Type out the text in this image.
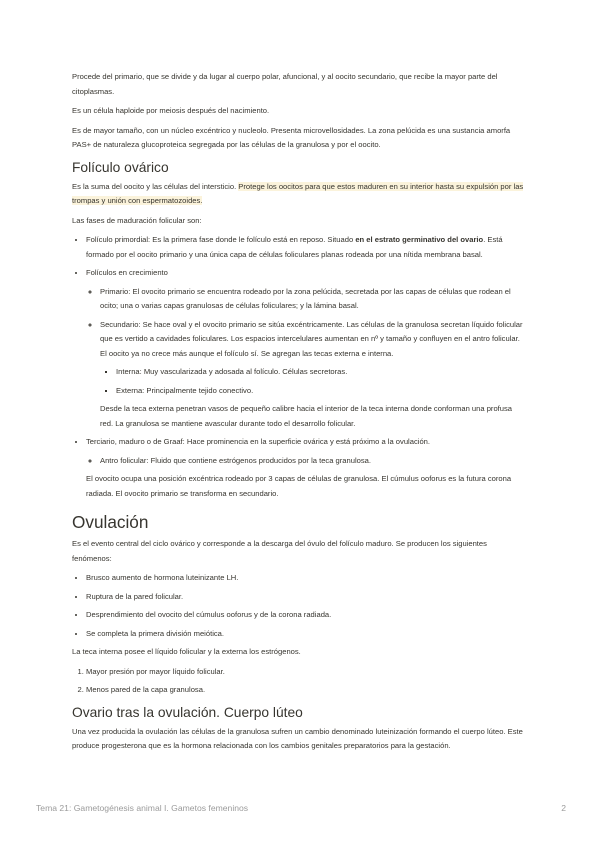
Procede del primario, que se divide y da lugar al cuerpo polar, afuncional, y al oocito secundario, que recibe la mayor parte del citoplasmas.

Es un célula haploide por meiosis después del nacimiento.

Es de mayor tamaño, con un núcleo excéntrico y nucleolo. Presenta microvellosidades. La zona pelúcida es una sustancia amorfa PAS+ de naturaleza glucoproteica segregada por las células de la granulosa y por el oocito.

Folículo ovárico

Es la suma del oocito y las células del intersticio. Protege los oocitos para que estos maduren en su interior hasta su expulsión por las trompas y unión con espermatozoides.

Las fases de maduración folicular son:

• Folículo primordial: Es la primera fase donde le folículo está en reposo. Situado en el estrato germinativo del ovario. Está formado por el oocito primario y una única capa de células foliculares planas rodeada por una nítida membrana basal.
• Folículos en crecimiento
◦ Primario: El ovocito primario se encuentra rodeado por la zona pelúcida, secretada por las capas de células que rodean el ocito; una o varias capas granulosas de células foliculares; y la lámina basal.
◦ Secundario: Se hace oval y el ovocito primario se sitúa excéntricamente. Las células de la granulosa secretan líquido folicular que es vertido a cavidades foliculares. Los espacios intercelulares aumentan en nº y tamaño y confluyen en el antro folicular. El oocito ya no crece más aunque el folículo sí. Se agregan las tecas externa e interna.
▪ Interna: Muy vascularizada y adosada al folículo. Células secretoras.
▪ Externa: Principalmente tejido conectivo.

Desde la teca externa penetran vasos de pequeño calibre hacia el interior de la teca interna donde conforman una profusa red. La granulosa se mantiene avascular durante todo el desarrollo folicular.

• Terciario, maduro o de Graaf: Hace prominencia en la superficie ovárica y está próximo a la ovulación.
◦ Antro folicular: Fluido que contiene estrógenos producidos por la teca granulosa.

El ovocito ocupa una posición excéntrica rodeado por 3 capas de células de granulosa. El cúmulus ooforus es la futura corona radiada. El ovocito primario se transforma en secundario.

Ovulación

Es el evento central del ciclo ovárico y corresponde a la descarga del óvulo del folículo maduro. Se producen los siguientes fenómenos:

• Brusco aumento de hormona luteinizante LH.
• Ruptura de la pared folicular.
• Desprendimiento del ovocito del cúmulus ooforus y de la corona radiada.
• Se completa la primera división meiótica.

La teca interna posee el líquido folicular y la externa los estrógenos.

1. Mayor presión por mayor líquido folicular.
2. Menos pared de la capa granulosa.
Ovario tras la ovulación. Cuerpo lúteo

Una vez producida la ovulación las células de la granulosa sufren un cambio denominado luteinización formando el cuerpo lúteo. Este produce progesterona que es la hormona relacionada con los cambios genitales preparatorios para la gestación.

Tema 21: Gametogénesis animal I. Gametos femeninos	2
